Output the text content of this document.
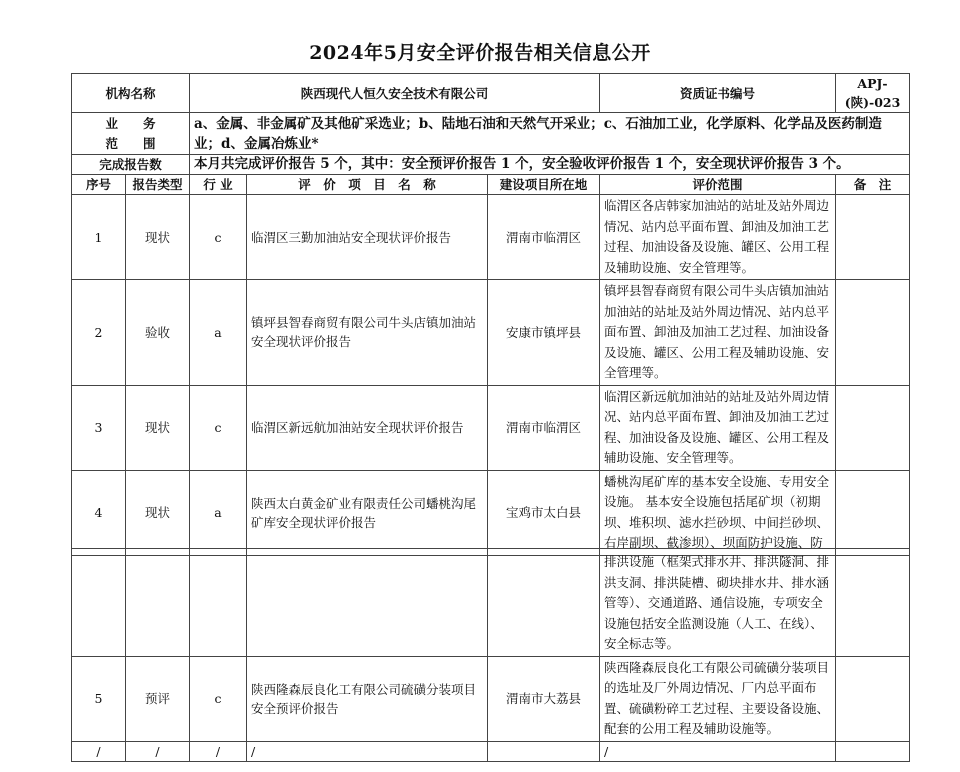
2024年5月安全评价报告相关信息公开
机构名称		陕西现代人恒久安全技术有限公司			资质证书编号	APJ-(陕)-023

业　　务
范　　围		a、金属、非金属矿及其他矿采选业；b、陆地石油和天然气开采业；c、石油加工业，化学原料、化学品及医药制造业；d、金属冶炼业*				
完成报告数		本月共完成评价报告 5 个，其中：安全预评价报告 1 个，安全验收评价报告 1 个，安全现状评价报告 3 个。				
序号	报告类型	行 业	评　价　项　目　名　称	建设项目所在地	评价范围	备　注
1	现状	c	临渭区三勤加油站安全现状评价报告	渭南市临渭区	临渭区各店韩家加油站的站址及站外周边情况、站内总平面布置、卸油及加油工艺过程、加油设备及设施、罐区、公用工程及辅助设施、安全管理等。	
2	验收	a	镇坪县智春商贸有限公司牛头店镇加油站安全现状评价报告	安康市镇坪县	镇坪县智春商贸有限公司牛头店镇加油站加油站的站址及站外周边情况、站内总平面布置、卸油及加油工艺过程、加油设备及设施、罐区、公用工程及辅助设施、安全管理等。	
3	现状	c	临渭区新远航加油站安全现状评价报告	渭南市临渭区	临渭区新远航加油站的站址及站外周边情况、站内总平面布置、卸油及加油工艺过程、加油设备及设施、罐区、公用工程及辅助设施、安全管理等。	
4	现状	a	陕西太白黄金矿业有限责任公司蟠桃沟尾矿库安全现状评价报告	宝鸡市太白县	蟠桃沟尾矿库的基本安全设施、专用安全设施。 基本安全设施包括尾矿坝（初期坝、堆积坝、滤水拦砂坝、中间拦砂坝、右岸副坝、截渗坝）、坝面防护设施、防	
					排洪设施（框架式排水井、排洪隧洞、排洪支洞、排洪陡槽、砌块排水井、排水涵管等）、交通道路、通信设施，专项安全设施包括安全监测设施（人工、在线）、安全标志等。	
5	预评	c	陕西隆森辰良化工有限公司硫磺分装项目安全预评价报告	渭南市大荔县	陕西隆森辰良化工有限公司硫磺分装项目的选址及厂外周边情况、厂内总平面布置、硫磺粉碎工艺过程、主要设备设施、配套的公用工程及辅助设施等。	
/	/	/	/		/	
